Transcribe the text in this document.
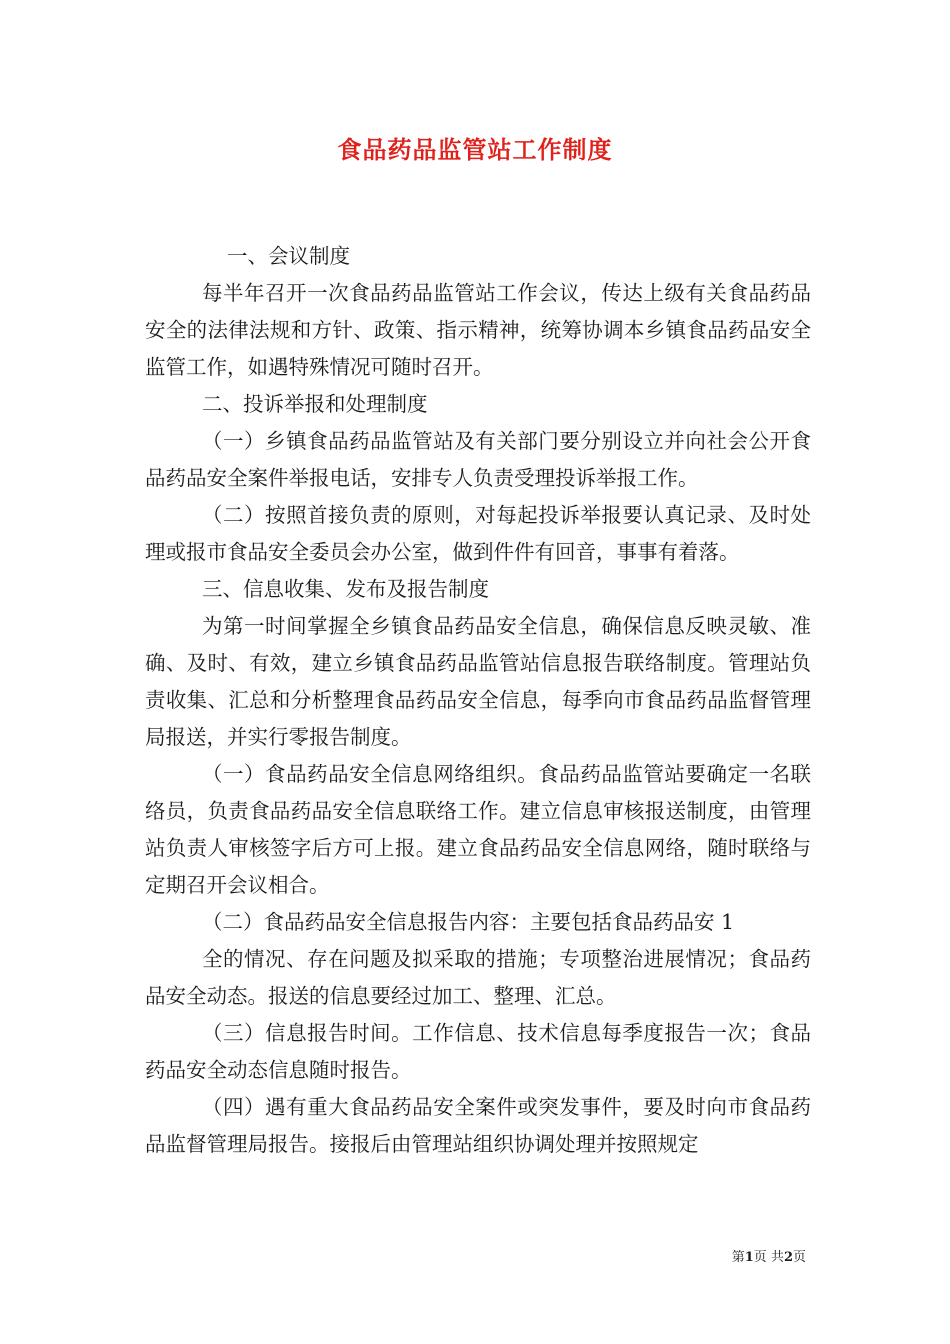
食品药品监管站工作制度

一、会议制度

每半年召开一次食品药品监管站工作会议，传达上级有关食品药品安全的法律法规和方针、政策、指示精神，统筹协调本乡镇食品药品安全监管工作，如遇特殊情况可随时召开。

二、投诉举报和处理制度

（一）乡镇食品药品监管站及有关部门要分别设立并向社会公开食品药品安全案件举报电话，安排专人负责受理投诉举报工作。

（二）按照首接负责的原则，对每起投诉举报要认真记录、及时处理或报市食品安全委员会办公室，做到件件有回音，事事有着落。

三、信息收集、发布及报告制度

为第一时间掌握全乡镇食品药品安全信息，确保信息反映灵敏、准确、及时、有效，建立乡镇食品药品监管站信息报告联络制度。管理站负责收集、汇总和分析整理食品药品安全信息，每季向市食品药品监督管理局报送，并实行零报告制度。

（一）食品药品安全信息网络组织。食品药品监管站要确定一名联络员，负责食品药品安全信息联络工作。建立信息审核报送制度，由管理站负责人审核签字后方可上报。建立食品药品安全信息网络，随时联络与定期召开会议相合。

（二）食品药品安全信息报告内容：主要包括食品药品安 1

全的情况、存在问题及拟采取的措施；专项整治进展情况；食品药品安全动态。报送的信息要经过加工、整理、汇总。

（三）信息报告时间。工作信息、技术信息每季度报告一次；食品药品安全动态信息随时报告。

（四）遇有重大食品药品安全案件或突发事件，要及时向市食品药品监督管理局报告。接报后由管理站组织协调处理并按照规定

第1页 共2页
